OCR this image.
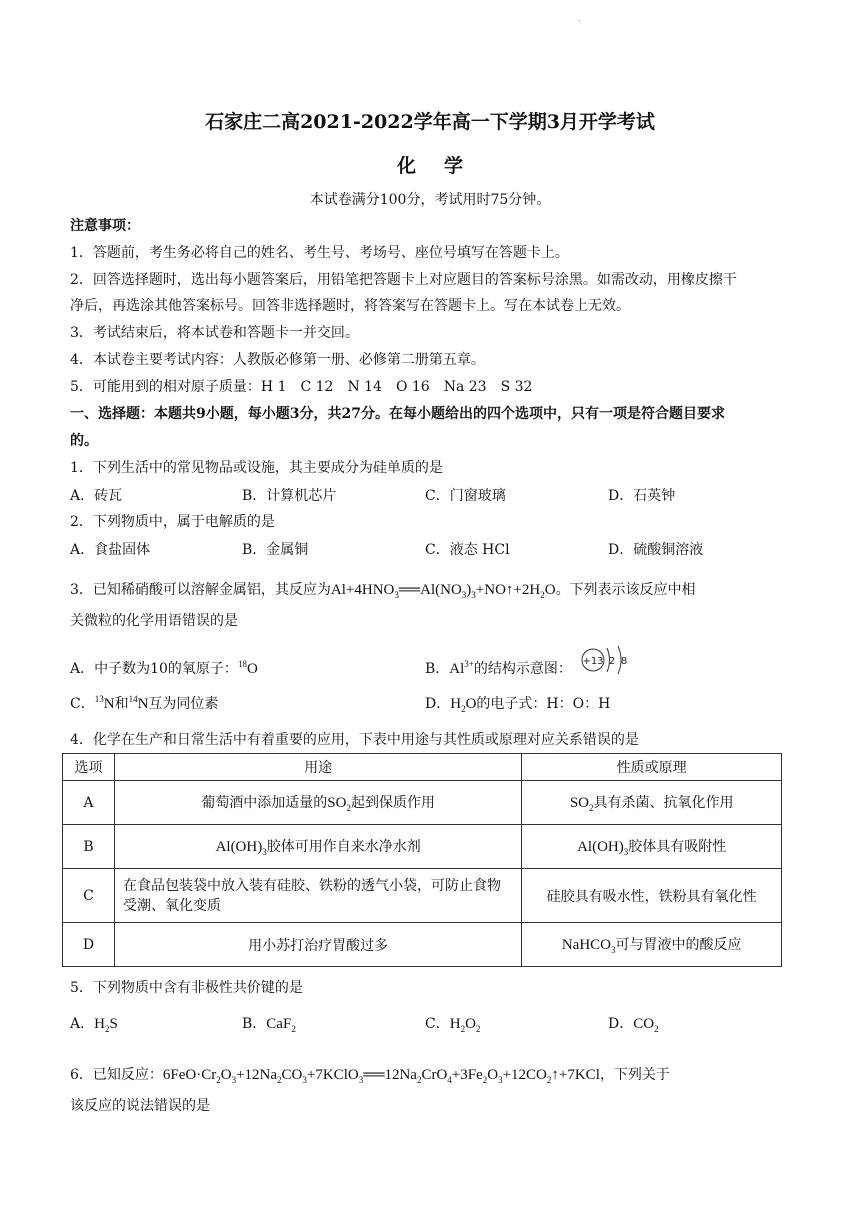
.
石家庄二高2021-2022学年高一下学期3月开学考试
化学
本试卷满分100分，考试用时75分钟。
注意事项：
1．答题前，考生务必将自己的姓名、考生号、考场号、座位号填写在答题卡上。
2．回答选择题时，选出每小题答案后，用铅笔把答题卡上对应题目的答案标号涂黑。如需改动，用橡皮擦干
净后，再选涂其他答案标号。回答非选择题时，将答案写在答题卡上。写在本试卷上无效。
3．考试结束后，将本试卷和答题卡一并交回。
4．本试卷主要考试内容：人教版必修第一册、必修第二册第五章。
5．可能用到的相对原子质量：H 1　C 12　N 14　O 16　Na 23　S 32
一、选择题：本题共9小题，每小题3分，共27分。在每小题给出的四个选项中，只有一项是符合题目要求
的。
1．下列生活中的常见物品或设施，其主要成分为硅单质的是
A．砖瓦	B．计算机芯片	C．门窗玻璃	D．石英钟
2．下列物质中，属于电解质的是
A．食盐固体	B．金属铜	C．液态 HCl	D．硫酸铜溶液
3．已知稀硝酸可以溶解金属铝，其反应为$Al+4HNO_3══Al(NO_3)_3+NO↑+2H_2O$。下列表示该反应中相
关微粒的化学用语错误的是
A．中子数为10的氧原子：$^{18}$O	B．$Al^{3+}$的结构示意图： +13 2 8
C．$^{13}$N和$^{14}$N互为同位素	D．$H_2O$的电子式：H：O：H
4．化学在生产和日常生活中有着重要的应用，下表中用途与其性质或原理对应关系错误的是
选项	用途	性质或原理
A	葡萄酒中添加适量的$SO_2$起到保质作用	$SO_2$具有杀菌、抗氧化作用
B	$Al(OH)_3$胶体可用作自来水净水剂	$Al(OH)_3$胶体具有吸附性
C	在食品包装袋中放入装有硅胶、铁粉的透气小袋，可防止食物受潮、氧化变质	硅胶具有吸水性，铁粉具有氧化性
D	用小苏打治疗胃酸过多	NaHCO$_3$可与胃液中的酸反应
5．下列物质中含有非极性共价键的是
A．$H_2S$	B．CaF$_2$	C．$H_2O_2$	D．$CO_2$
6．已知反应：$6FeO\cdot Cr_2O_3+12Na_2CO_3+7KClO_3══12Na_2CrO_4+3Fe_2O_3+12CO_2↑+7KCl$，下列关于
该反应的说法错误的是
